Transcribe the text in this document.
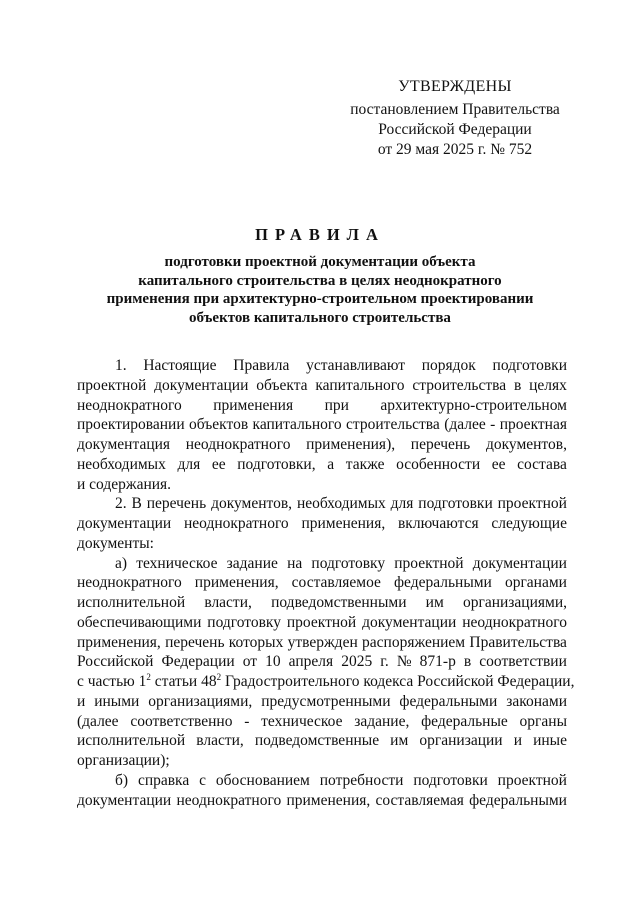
УТВЕРЖДЕНЫ
постановлением Правительства
Российской Федерации
от 29 мая 2025 г. № 752
ПРАВИЛА
подготовки проектной документации объекта
капитального строительства в целях неоднократного
применения при архитектурно-строительном проектировании
объектов капитального строительства
1. Настоящие Правила устанавливают порядок подготовки
проектной документации объекта капитального строительства в целях
неоднократного применения при архитектурно-строительном
проектировании объектов капитального строительства (далее - проектная
документация неоднократного применения), перечень документов,
необходимых для ее подготовки, а также особенности ее состава
и содержания.
2. В перечень документов, необходимых для подготовки проектной
документации неоднократного применения, включаются следующие
документы:
а) техническое задание на подготовку проектной документации
неоднократного применения, составляемое федеральными органами
исполнительной власти, подведомственными им организациями,
обеспечивающими подготовку проектной документации неоднократного
применения, перечень которых утвержден распоряжением Правительства
Российской Федерации от 10 апреля 2025 г. № 871-р в соответствии
с частью $1^2$ статьи $48^2$ Градостроительного кодекса Российской Федерации,
и иными организациями, предусмотренными федеральными законами
(далее соответственно - техническое задание, федеральные органы
исполнительной власти, подведомственные им организации и иные
организации);
б) справка с обоснованием потребности подготовки проектной
документации неоднократного применения, составляемая федеральными
